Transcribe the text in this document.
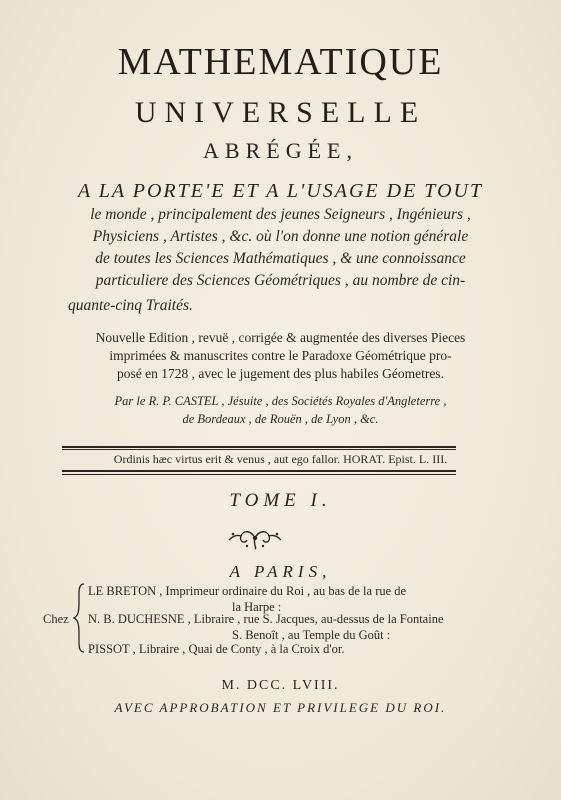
MATHEMATIQUE
UNIVERSELLE
ABRÉGÉE,
A LA PORTE'E ET A L'USAGE DE TOUT
le monde , principalement des jeunes Seigneurs , Ingénieurs ,
Physiciens , Artistes , &c. où l'on donne une notion générale
de toutes les Sciences Mathématiques , & une connoissance
particuliere des Sciences Géométriques , au nombre de cin-
quante-cinq Traités.
Nouvelle Edition , revuë , corrigée & augmentée des diverses Pieces
imprimées & manuscrites contre le Paradoxe Géométrique pro-
posé en 1728 , avec le jugement des plus habiles Géometres.
Par le R. P. CASTEL , Jésuite , des Sociétés Royales d'Angleterre ,
de Bordeaux , de Rouën , de Lyon , &c.
Ordinis hæc virtus erit & venus , aut ego fallor. HORAT. Epist. L. III.
TOME I.
A PARIS,
Chez
LE BRETON , Imprimeur ordinaire du Roi , au bas de la rue de
la Harpe :
N. B. DUCHESNE , Libraire , rue S. Jacques, au-dessus de la Fontaine
S. Benoît , au Temple du Goût :
PISSOT , Libraire , Quai de Conty , à la Croix d'or.
M. DCC. LVIII.
AVEC APPROBATION ET PRIVILEGE DU ROI.
